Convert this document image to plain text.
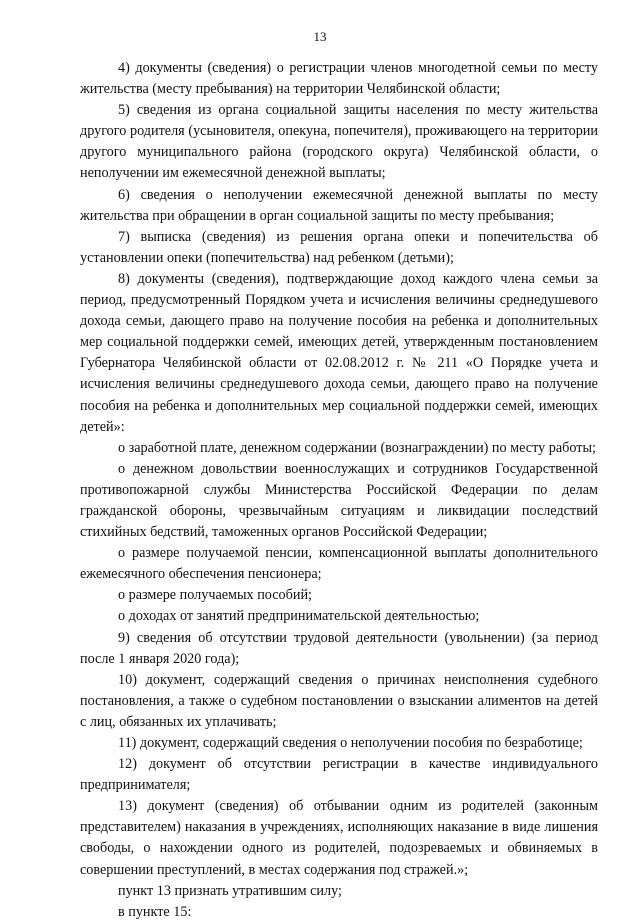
13

4) документы (сведения) о регистрации членов многодетной семьи по месту жительства (месту пребывания) на территории Челябинской области;

5) сведения из органа социальной защиты населения по месту жительства другого родителя (усыновителя, опекуна, попечителя), проживающего на территории другого муниципального района (городского округа) Челябинской области, о неполучении им ежемесячной денежной выплаты;

6) сведения о неполучении ежемесячной денежной выплаты по месту жительства при обращении в орган социальной защиты по месту пребывания;

7) выписка (сведения) из решения органа опеки и попечительства об установлении опеки (попечительства) над ребенком (детьми);

8) документы (сведения), подтверждающие доход каждого члена семьи за период, предусмотренный Порядком учета и исчисления величины среднедушевого дохода семьи, дающего право на получение пособия на ребенка и дополнительных мер социальной поддержки семей, имеющих детей, утвержденным постановлением Губернатора Челябинской области от 02.08.2012 г. № 211 «О Порядке учета и исчисления величины среднедушевого дохода семьи, дающего право на получение пособия на ребенка и дополнительных мер социальной поддержки семей, имеющих детей»:

о заработной плате, денежном содержании (вознаграждении) по месту работы;

о денежном довольствии военнослужащих и сотрудников Государственной противопожарной службы Министерства Российской Федерации по делам гражданской обороны, чрезвычайным ситуациям и ликвидации последствий стихийных бедствий, таможенных органов Российской Федерации;

о размере получаемой пенсии, компенсационной выплаты дополнительного ежемесячного обеспечения пенсионера;

о размере получаемых пособий;

о доходах от занятий предпринимательской деятельностью;

9) сведения об отсутствии трудовой деятельности (увольнении) (за период после 1 января 2020 года);

10) документ, содержащий сведения о причинах неисполнения судебного постановления, а также о судебном постановлении о взыскании алиментов на детей с лиц, обязанных их уплачивать;

11) документ, содержащий сведения о неполучении пособия по безработице;

12) документ об отсутствии регистрации в качестве индивидуального предпринимателя;

13) документ (сведения) об отбывании одним из родителей (законным представителем) наказания в учреждениях, исполняющих наказание в виде лишения свободы, о нахождении одного из родителей, подозреваемых и обвиняемых в совершении преступлений, в местах содержания под стражей.»;

пункт 13 признать утратившим силу;

в пункте 15:
